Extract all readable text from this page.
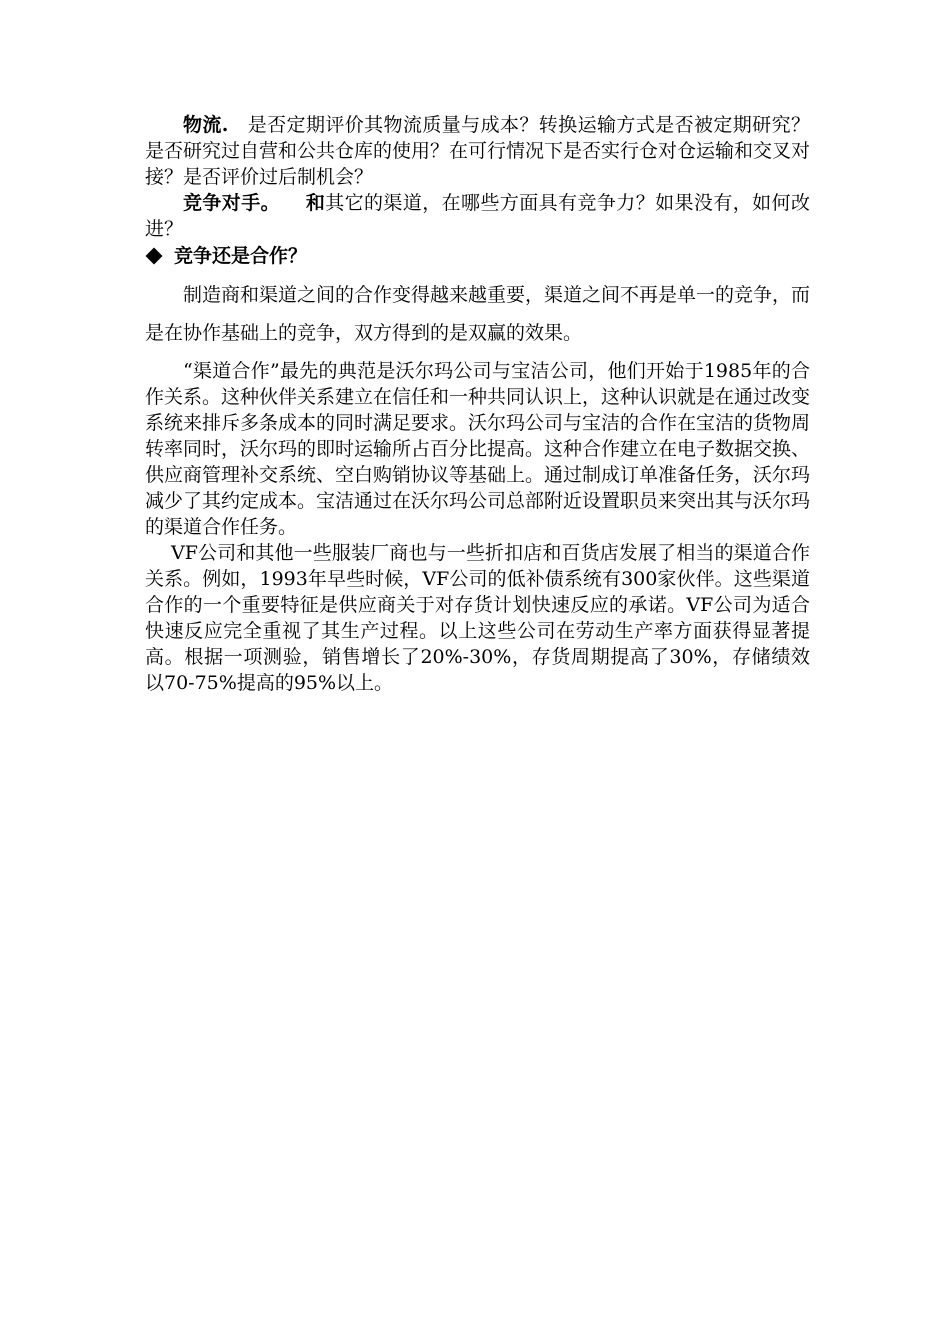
物流. 是否定期评价其物流质量与成本？转换运输方式是否被定期研究？是否研究过自营和公共仓库的使用？在可行情况下是否实行仓对仓运输和交叉对接？是否评价过后制机会？

竞争对手。 和其它的渠道，在哪些方面具有竞争力？如果没有，如何改进？

竞争还是合作？

制造商和渠道之间的合作变得越来越重要，渠道之间不再是单一的竞争，而是在协作基础上的竞争，双方得到的是双赢的效果。

“渠道合作”最先的典范是沃尔玛公司与宝洁公司，他们开始于1985年的合作关系。这种伙伴关系建立在信任和一种共同认识上，这种认识就是在通过改变系统来排斥多条成本的同时满足要求。沃尔玛公司与宝洁的合作在宝洁的货物周转率同时，沃尔玛的即时运输所占百分比提高。这种合作建立在电子数据交换、供应商管理补交系统、空白购销协议等基础上。通过制成订单准备任务，沃尔玛减少了其约定成本。宝洁通过在沃尔玛公司总部附近设置职员来突出其与沃尔玛的渠道合作任务。

VF公司和其他一些服装厂商也与一些折扣店和百货店发展了相当的渠道合作关系。例如，1993年早些时候，VF公司的低补债系统有300家伙伴。这些渠道合作的一个重要特征是供应商关于对存货计划快速反应的承诺。VF公司为适合快速反应完全重视了其生产过程。以上这些公司在劳动生产率方面获得显著提高。根据一项测验，销售增长了20%-30%，存货周期提高了30%，存储绩效以70-75%提高的95%以上。
